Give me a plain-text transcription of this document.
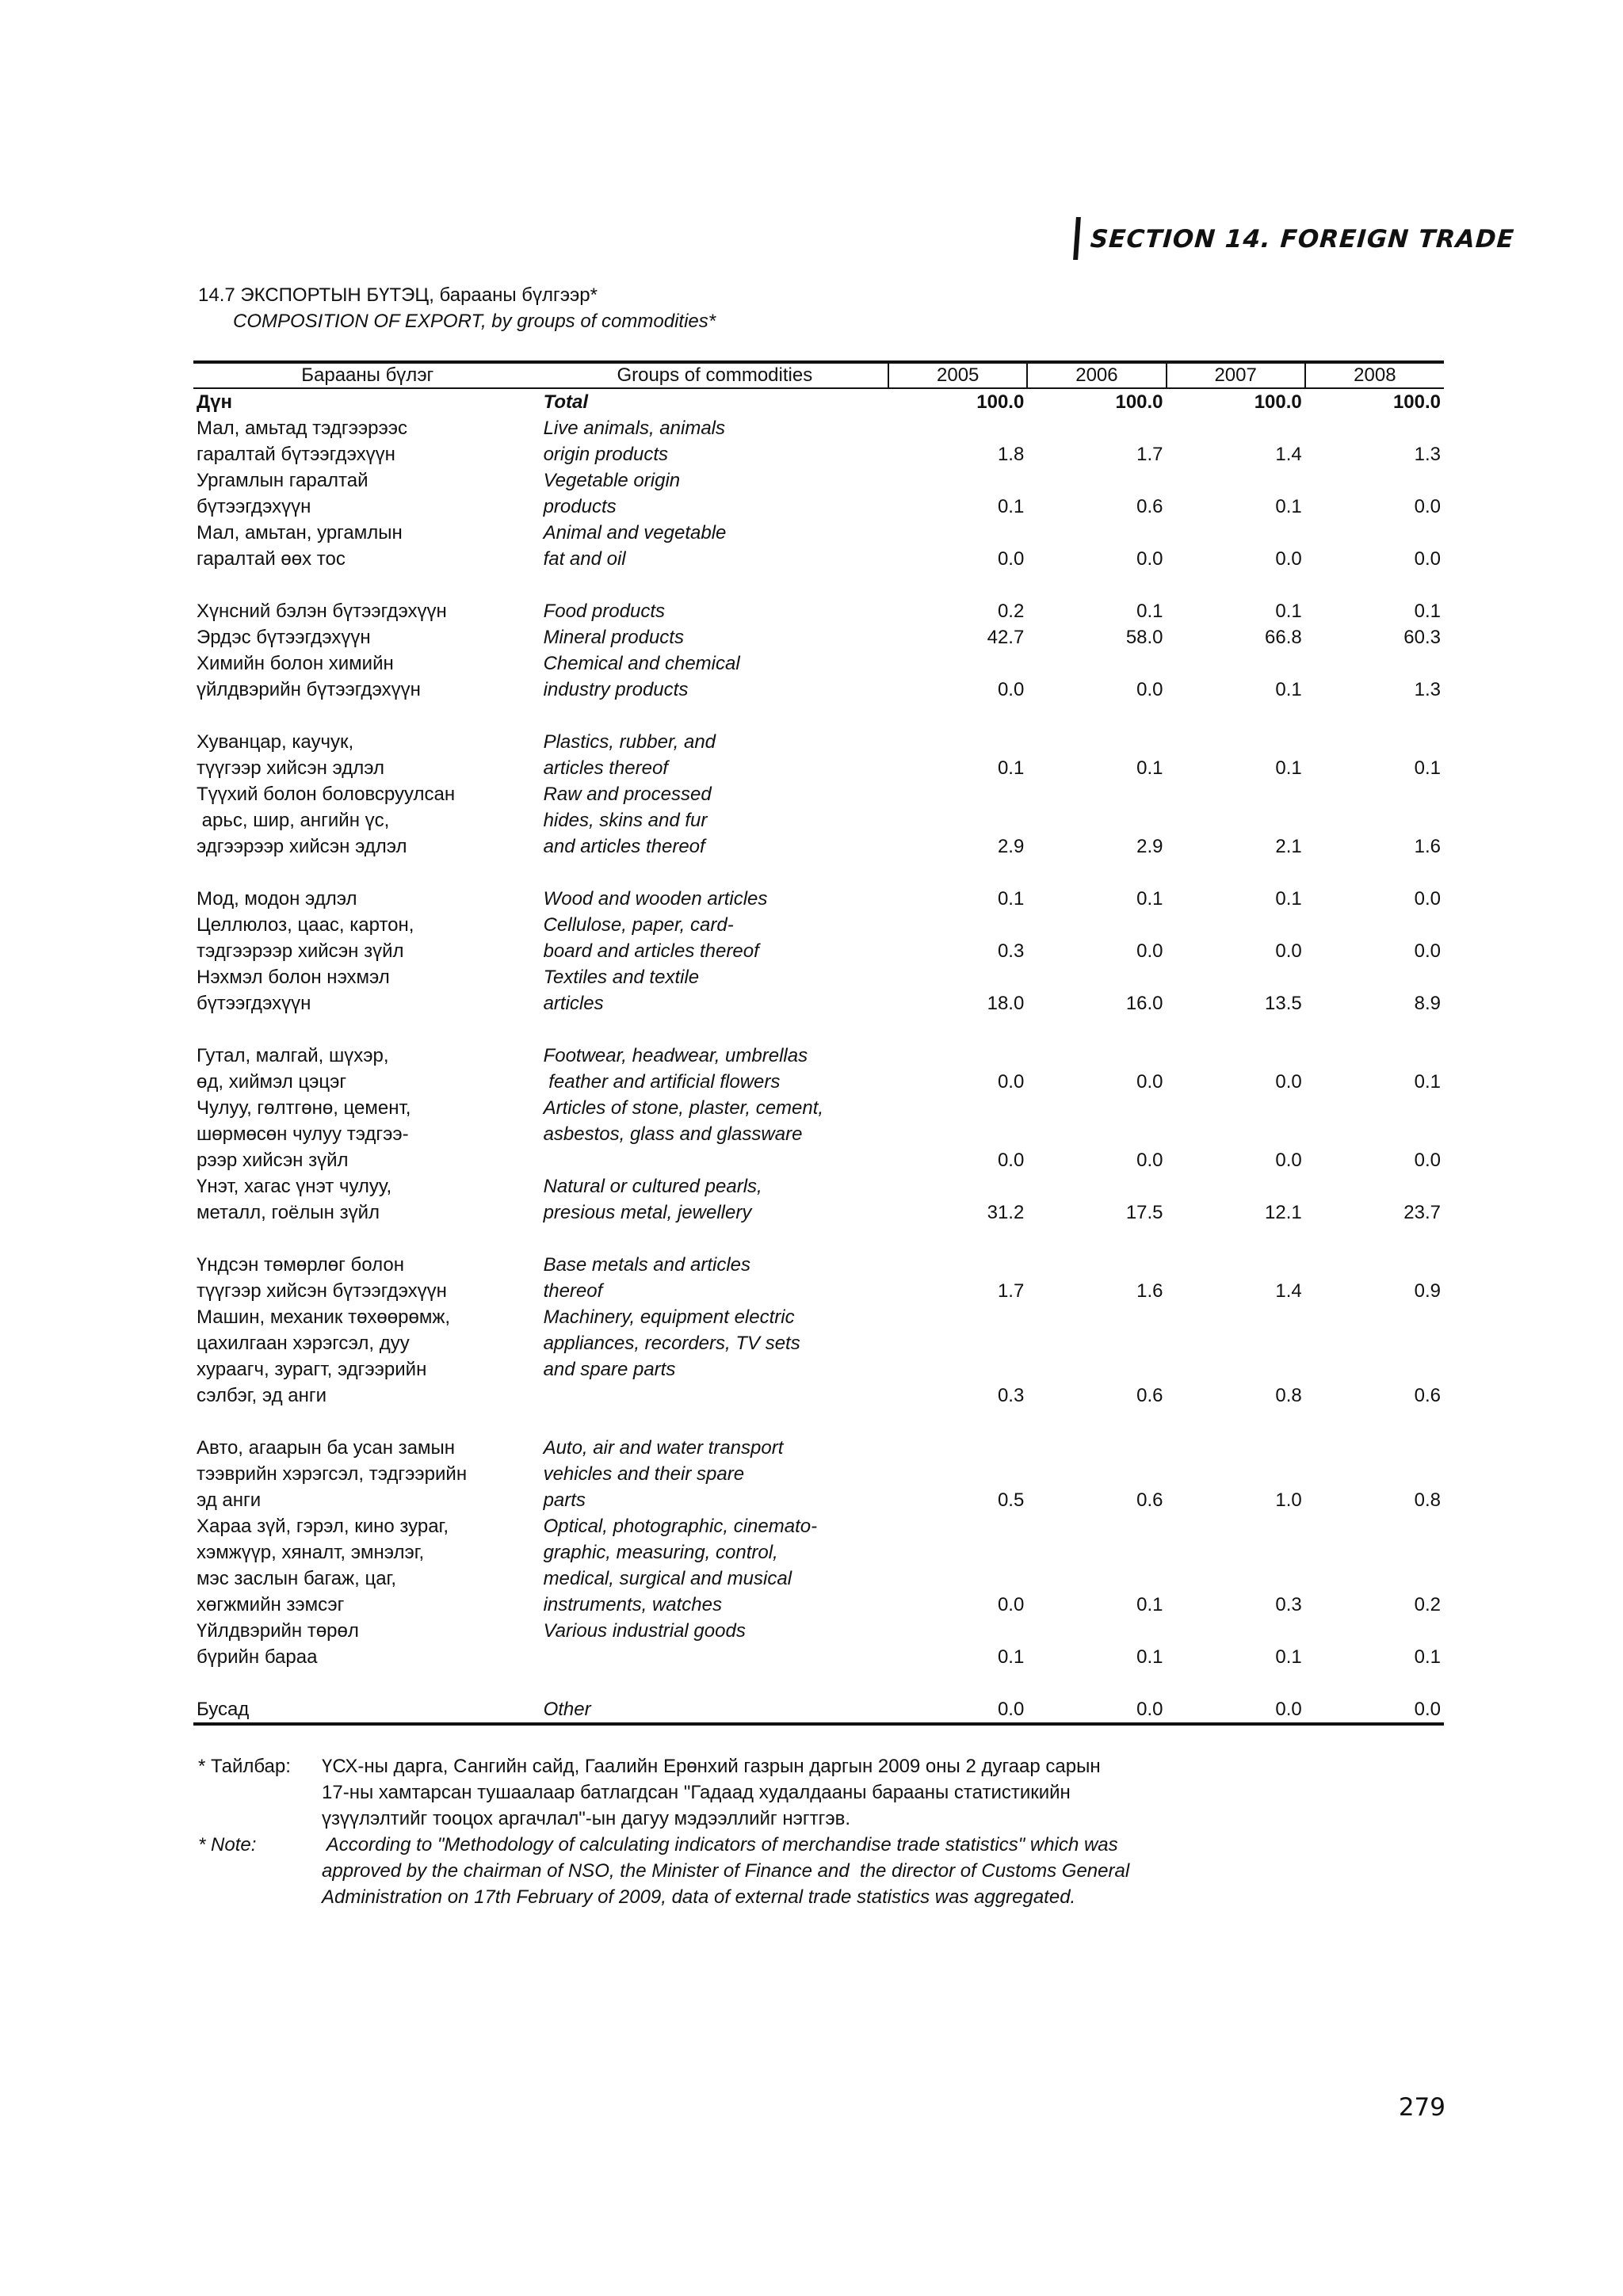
SECTION 14. FOREIGN TRADE
14.7 ЭКСПОРТЫН БҮТЭЦ, барааны бүлгээр*
COMPOSITION OF EXPORT, by groups of commodities*
Барааны бүлэг	Groups of commodities	2005	2006	2007	2008
Дүн	Total	100.0	100.0	100.0	100.0
Мал, амьтад тэдгээрээс	Live animals, animals				
гаралтай бүтээгдэхүүн	origin products	1.8	1.7	1.4	1.3
Ургамлын гаралтай	Vegetable origin				
бүтээгдэхүүн	products	0.1	0.6	0.1	0.0
Мал, амьтан, ургамлын	Animal and vegetable				
гаралтай өөх тос	fat and oil	0.0	0.0	0.0	0.0

Хүнсний бэлэн бүтээгдэхүүн	Food products	0.2	0.1	0.1	0.1
Эрдэс бүтээгдэхүүн	Mineral products	42.7	58.0	66.8	60.3
Химийн болон химийн	Chemical and chemical				
үйлдвэрийн бүтээгдэхүүн	industry products	0.0	0.0	0.1	1.3

Хуванцар, каучук,	Plastics, rubber, and				
түүгээр хийсэн эдлэл	articles thereof	0.1	0.1	0.1	0.1
Түүхий болон боловсруулсан	Raw and processed				
арьс, шир, ангийн үс,	hides, skins and fur				
эдгээрээр хийсэн эдлэл	and articles thereof	2.9	2.9	2.1	1.6

Мод, модон эдлэл	Wood and wooden articles	0.1	0.1	0.1	0.0
Целлюлоз, цаас, картон,	Cellulose, paper, card-				
тэдгээрээр хийсэн зүйл	board and articles thereof	0.3	0.0	0.0	0.0
Нэхмэл болон нэхмэл	Textiles and textile				
бүтээгдэхүүн	articles	18.0	16.0	13.5	8.9

Гутал, малгай, шүхэр,	Footwear, headwear, umbrellas				
өд, хиймэл цэцэг	feather and artificial flowers	0.0	0.0	0.0	0.1
Чулуу, гөлтгөнө, цемент,	Articles of stone, plaster, cement,				
шөрмөсөн чулуу тэдгээ-	asbestos, glass and glassware				
рээр хийсэн зүйл		0.0	0.0	0.0	0.0
Үнэт, хагас үнэт чулуу,	Natural or cultured pearls,				
металл, гоёлын зүйл	presious metal, jewellery	31.2	17.5	12.1	23.7

Үндсэн төмөрлөг болон	Base metals and articles				
түүгээр хийсэн бүтээгдэхүүн	thereof	1.7	1.6	1.4	0.9
Машин, механик төхөөрөмж,	Machinery, equipment electric				
цахилгаан хэрэгсэл, дуу	appliances, recorders, TV sets				
хураагч, зурагт, эдгээрийн	and spare parts				
сэлбэг, эд анги		0.3	0.6	0.8	0.6

Авто, агаарын ба усан замын	Auto, air and water transport				
тээврийн хэрэгсэл, тэдгээрийн	vehicles and their spare				
эд анги	parts	0.5	0.6	1.0	0.8
Хараа зүй, гэрэл, кино зураг,	Optical, photographic, cinemato-				
хэмжүүр, хяналт, эмнэлэг,	graphic, measuring, control,				
мэс заслын багаж, цаг,	medical, surgical and musical				
хөгжмийн зэмсэг	instruments, watches	0.0	0.1	0.3	0.2
Үйлдвэрийн төрөл	Various industrial goods				
бүрийн бараа		0.1	0.1	0.1	0.1

Бусад	Other	0.0	0.0	0.0	0.0
* Тайлбар:	ҮСХ-ны дарга, Сангийн сайд, Гаалийн Ерөнхий газрын даргын 2009 оны 2 дугаар сарын
17-ны хамтарсан тушаалаар батлагдсан "Гадаад худалдааны барааны статистикийн
үзүүлэлтийг тооцох аргачлал"-ын дагуу мэдээллийг нэгтгэв.
* Note:	According to "Methodology of calculating indicators of merchandise trade statistics" which was
approved by the chairman of NSO, the Minister of Finance and  the director of Customs General
Administration on 17th February of 2009, data of external trade statistics was aggregated.
279
